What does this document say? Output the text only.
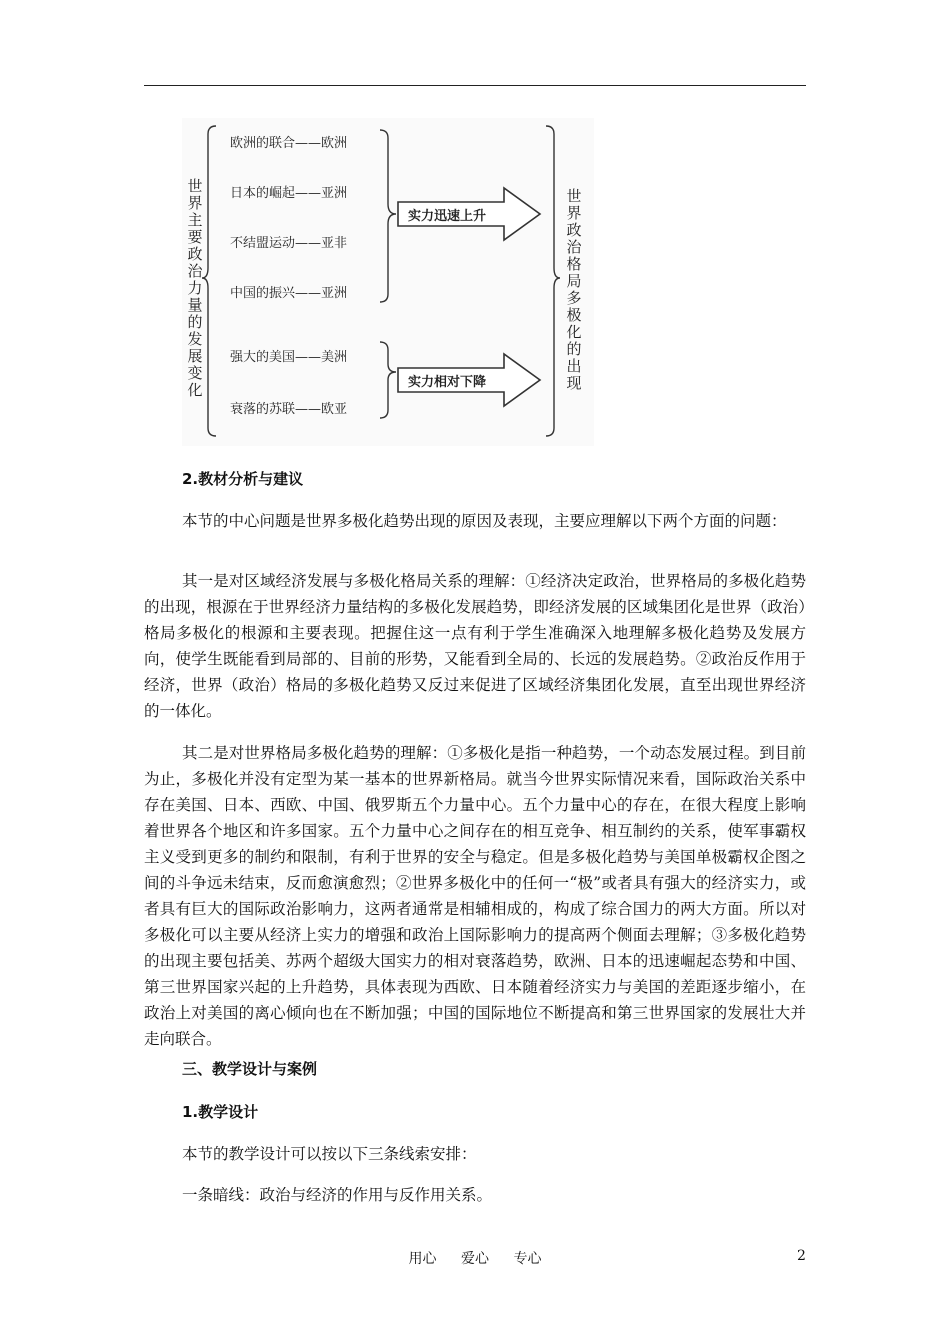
世界主要政治力量的发展变化
世界政治格局多极化的出现
欧洲的联合——欧洲
日本的崛起——亚洲
不结盟运动——亚非
中国的振兴——亚洲
强大的美国——美洲
衰落的苏联——欧亚
实力迅速上升
实力相对下降
2.教材分析与建议

本节的中心问题是世界多极化趋势出现的原因及表现，主要应理解以下两个方面的问题：

其一是对区域经济发展与多极化格局关系的理解：①经济决定政治，世界格局的多极化趋势的出现，根源在于世界经济力量结构的多极化发展趋势，即经济发展的区域集团化是世界（政治）格局多极化的根源和主要表现。把握住这一点有利于学生准确深入地理解多极化趋势及发展方向，使学生既能看到局部的、目前的形势，又能看到全局的、长远的发展趋势。②政治反作用于经济，世界（政治）格局的多极化趋势又反过来促进了区域经济集团化发展，直至出现世界经济的一体化。

其二是对世界格局多极化趋势的理解：①多极化是指一种趋势，一个动态发展过程。到目前为止，多极化并没有定型为某一基本的世界新格局。就当今世界实际情况来看，国际政治关系中存在美国、日本、西欧、中国、俄罗斯五个力量中心。五个力量中心的存在，在很大程度上影响着世界各个地区和许多国家。五个力量中心之间存在的相互竞争、相互制约的关系，使军事霸权主义受到更多的制约和限制，有利于世界的安全与稳定。但是多极化趋势与美国单极霸权企图之间的斗争远未结束，反而愈演愈烈；②世界多极化中的任何一“极”或者具有强大的经济实力，或者具有巨大的国际政治影响力，这两者通常是相辅相成的，构成了综合国力的两大方面。所以对多极化可以主要从经济上实力的增强和政治上国际影响力的提高两个侧面去理解；③多极化趋势的出现主要包括美、苏两个超级大国实力的相对衰落趋势，欧洲、日本的迅速崛起态势和中国、第三世界国家兴起的上升趋势，具体表现为西欧、日本随着经济实力与美国的差距逐步缩小，在政治上对美国的离心倾向也在不断加强；中国的国际地位不断提高和第三世界国家的发展壮大并走向联合。

三、教学设计与案例
1.教学设计
本节的教学设计可以按以下三条线索安排：
一条暗线：政治与经济的作用与反作用关系。
用心 爱心 专心	2
